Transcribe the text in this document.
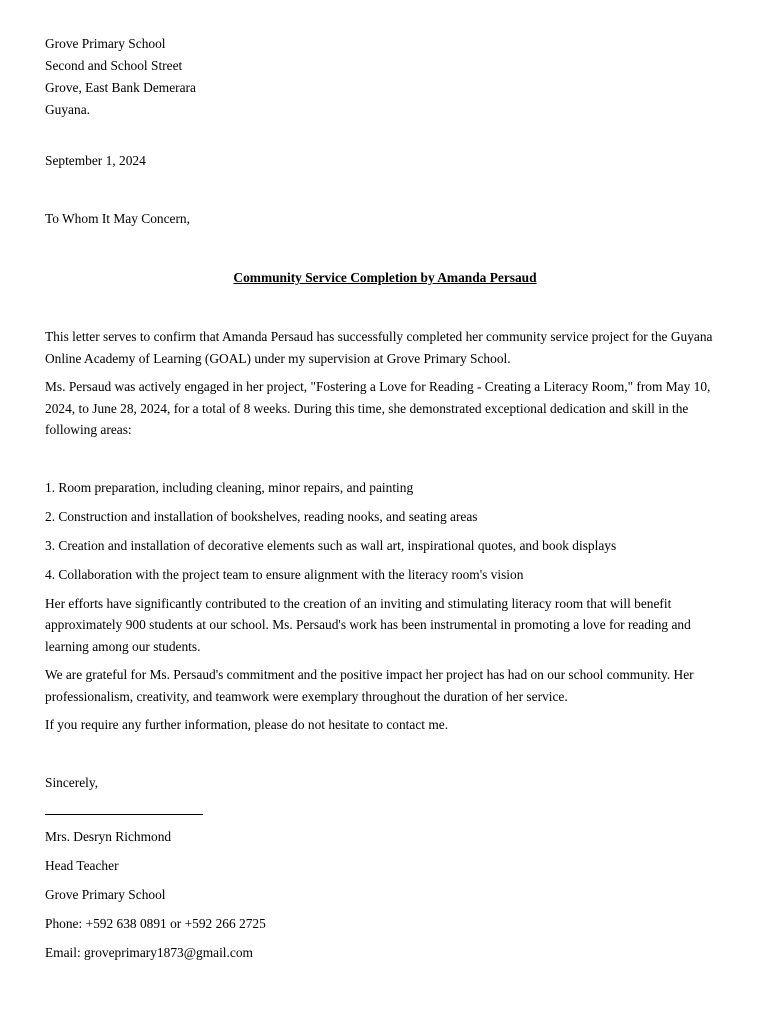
Grove Primary School

Second and School Street

Grove, East Bank Demerara

Guyana.

September 1, 2024

To Whom It May Concern,

Community Service Completion by Amanda Persaud

This letter serves to confirm that Amanda Persaud has successfully completed her community service project for the Guyana Online Academy of Learning (GOAL) under my supervision at Grove Primary School.

Ms. Persaud was actively engaged in her project, "Fostering a Love for Reading - Creating a Literacy Room," from May 10, 2024, to June 28, 2024, for a total of 8 weeks. During this time, she demonstrated exceptional dedication and skill in the following areas:

1. Room preparation, including cleaning, minor repairs, and painting

2. Construction and installation of bookshelves, reading nooks, and seating areas

3. Creation and installation of decorative elements such as wall art, inspirational quotes, and book displays

4. Collaboration with the project team to ensure alignment with the literacy room's vision

Her efforts have significantly contributed to the creation of an inviting and stimulating literacy room that will benefit approximately 900 students at our school. Ms. Persaud's work has been instrumental in promoting a love for reading and learning among our students.

We are grateful for Ms. Persaud's commitment and the positive impact her project has had on our school community. Her professionalism, creativity, and teamwork were exemplary throughout the duration of her service.

If you require any further information, please do not hesitate to contact me.

Sincerely,

Mrs. Desryn Richmond

Head Teacher

Grove Primary School

Phone: +592 638 0891 or +592 266 2725

Email: groveprimary1873@gmail.com
